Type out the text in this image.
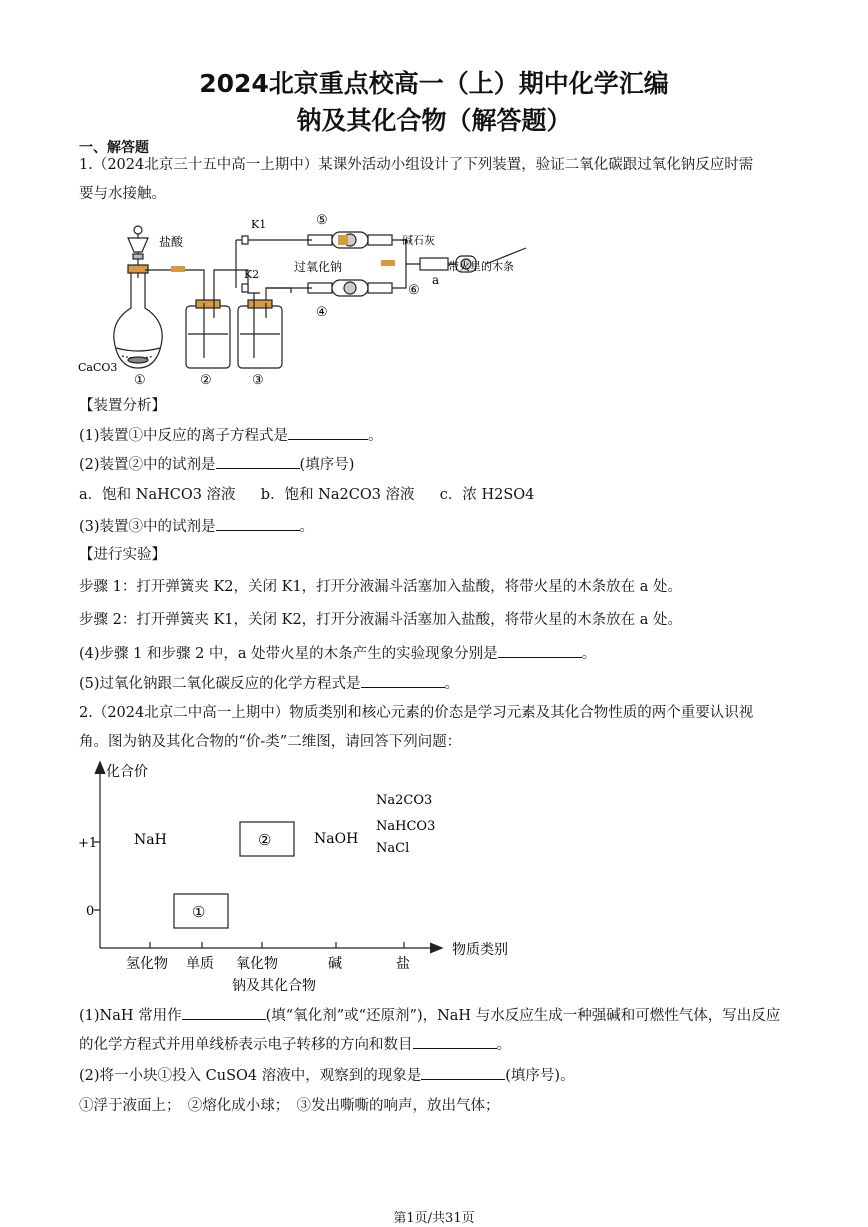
2024北京重点校高一（上）期中化学汇编
钠及其化合物（解答题）
一、解答题
1.（2024北京三十五中高一上期中）某课外活动小组设计了下列装置，验证二氧化碳跟过氧化钠反应时需
要与水接触。
盐酸
CaCO3
K1
K2
过氧化钠
碱石灰
带火星的木条
a
①	②	③
④
⑤
⑥
【装置分析】
(1)装置①中反应的离子方程式是	。
(2)装置②中的试剂是	(填序号)
a．饱和 NaHCO3 溶液 b．饱和 Na2CO3 溶液 c．浓 H2SO4
(3)装置③中的试剂是	。
【进行实验】
步骤 1：打开弹簧夹 K2，关闭 K1，打开分液漏斗活塞加入盐酸，将带火星的木条放在 a 处。
步骤 2：打开弹簧夹 K1，关闭 K2，打开分液漏斗活塞加入盐酸，将带火星的木条放在 a 处。
(4)步骤 1 和步骤 2 中，a 处带火星的木条产生的实验现象分别是	。
(5)过氧化钠跟二氧化碳反应的化学方程式是	。
2.（2024北京二中高一上期中）物质类别和核心元素的价态是学习元素及其化合物性质的两个重要认识视
角。图为钠及其化合物的“价-类”二维图，请回答下列问题：
化合价
物质类别
+1
0
氢化物 单质 氧化物	碱	盐
钠及其化合物
NaH	②	NaOH
Na2CO3
NaHCO3
NaCl
①
(1)NaH 常用作	(填“氧化剂”或“还原剂”)，NaH 与水反应生成一种强碱和可燃性气体，写出反应
的化学方程式并用单线桥表示电子转移的方向和数目	。
(2)将一小块①投入 CuSO4 溶液中，观察到的现象是	(填序号)。
①浮于液面上；　②熔化成小球；　③发出嘶嘶的响声，放出气体；
第1页/共31页
